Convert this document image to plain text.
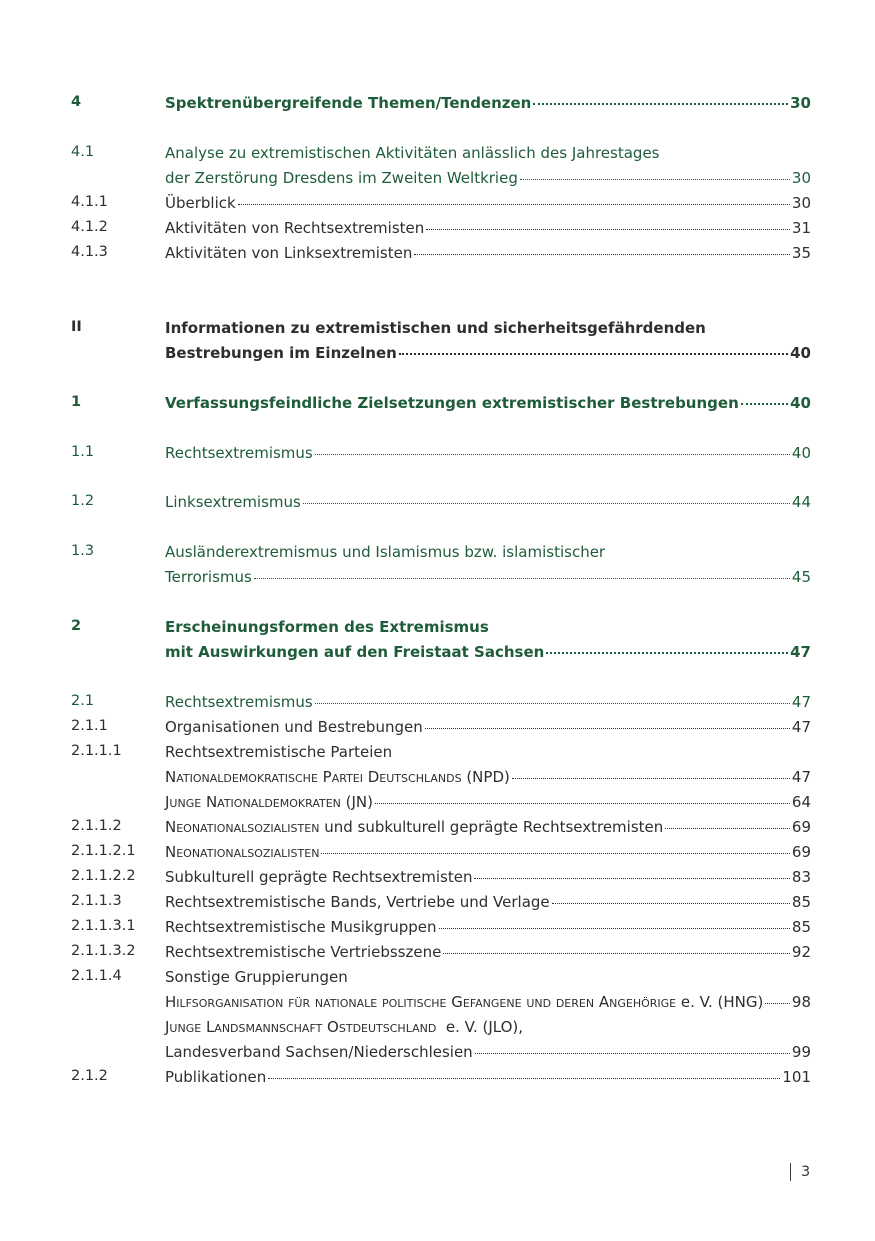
4	Spektrenübergreifende Themen/Tendenzen	30
4.1	Analyse zu extremistischen Aktivitäten anlässlich des Jahrestages
der Zerstörung Dresdens im Zweiten Weltkrieg	30
4.1.1	Überblick	30
4.1.2	Aktivitäten von Rechtsextremisten	31
4.1.3	Aktivitäten von Linksextremisten	35
II	Informationen zu extremistischen und sicherheitsgefährdenden
Bestrebungen im Einzelnen	40
1	Verfassungsfeindliche Zielsetzungen extremistischer Bestrebungen	40
1.1	Rechtsextremismus	40
1.2	Linksextremismus	44
1.3	Ausländerextremismus und Islamismus bzw. islamistischer
Terrorismus	45
2	Erscheinungsformen des Extremismus
mit Auswirkungen auf den Freistaat Sachsen	47
2.1	Rechtsextremismus	47
2.1.1	Organisationen und Bestrebungen	47
2.1.1.1	Rechtsextremistische Parteien
Nationaldemokratische Partei Deutschlands (NPD)	47
Junge Nationaldemokraten (JN)	64
2.1.1.2	Neonationalsozialisten und subkulturell geprägte Rechtsextremisten	69
2.1.1.2.1 Neonationalsozialisten	69
2.1.1.2.2 Subkulturell geprägte Rechtsextremisten	83
2.1.1.3	Rechtsextremistische Bands, Vertriebe und Verlage	85
2.1.1.3.1 Rechtsextremistische Musikgruppen	85
2.1.1.3.2 Rechtsextremistische Vertriebsszene	92
2.1.1.4	Sonstige Gruppierungen
Hilfsorganisation für nationale politische Gefangene und deren Angehörige e. V. (HNG) 98
Junge Landsmannschaft Ostdeutschland  e. V. (JLO),
Landesverband Sachsen/Niederschlesien	99
2.1.2	Publikationen	101
3
